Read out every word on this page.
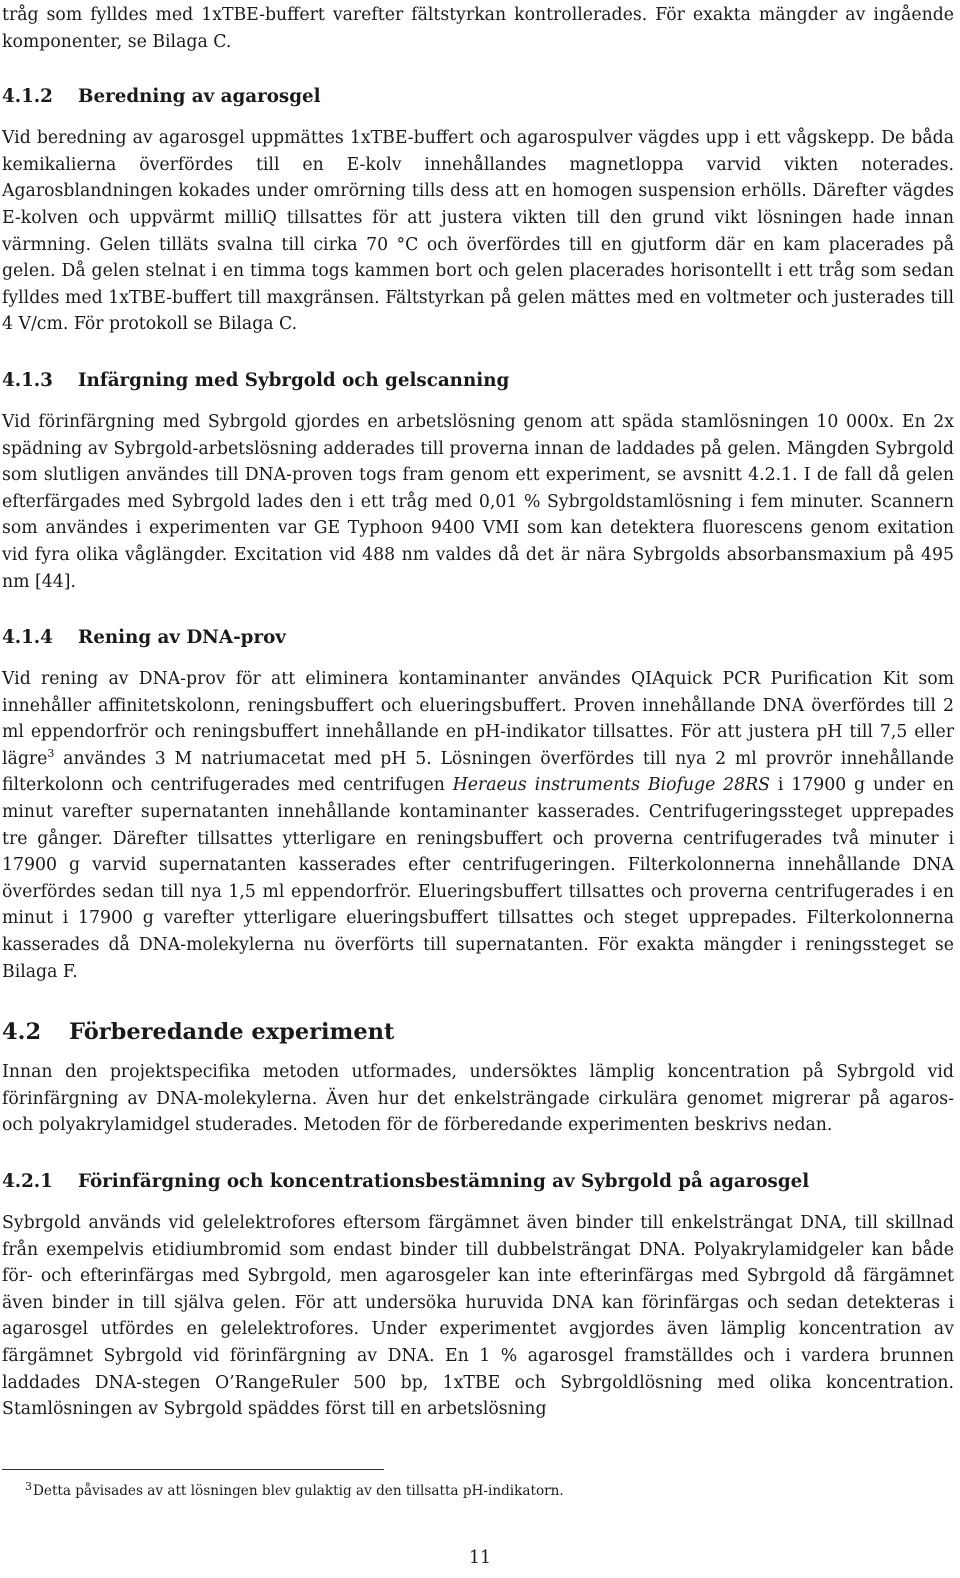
tråg som fylldes med 1xTBE-buffert varefter fältstyrkan kontrollerades. För exakta mängder av ingående komponenter, se Bilaga C.

4.1.2 Beredning av agarosgel

Vid beredning av agarosgel uppmättes 1xTBE-buffert och agarospulver vägdes upp i ett vågskepp. De båda kemikalierna överfördes till en E-kolv innehållandes magnetloppa varvid vikten noterades. Agarosblandningen kokades under omrörning tills dess att en homogen suspension erhölls. Därefter vägdes E-kolven och uppvärmt milliQ tillsattes för att justera vikten till den grund vikt lösningen hade innan värmning. Gelen tilläts svalna till cirka 70 °C och överfördes till en gjutform där en kam placerades på gelen. Då gelen stelnat i en timma togs kammen bort och gelen placerades horisontellt i ett tråg som sedan fylldes med 1xTBE-buffert till maxgränsen. Fältstyrkan på gelen mättes med en voltmeter och justerades till 4 V/cm. För protokoll se Bilaga C.

4.1.3 Infärgning med Sybrgold och gelscanning

Vid förinfärgning med Sybrgold gjordes en arbetslösning genom att späda stamlösningen 10 000x. En 2x spädning av Sybrgold-arbetslösning adderades till proverna innan de laddades på gelen. Mängden Sybrgold som slutligen användes till DNA-proven togs fram genom ett experiment, se avsnitt 4.2.1. I de fall då gelen efterfärgades med Sybrgold lades den i ett tråg med 0,01 % Sybrgoldstamlösning i fem minuter. Scannern som användes i experimenten var GE Typhoon 9400 VMI som kan detektera fluorescens genom exitation vid fyra olika våglängder. Excitation vid 488 nm valdes då det är nära Sybrgolds absorbansmaxium på 495 nm [44].

4.1.4 Rening av DNA-prov

Vid rening av DNA-prov för att eliminera kontaminanter användes QIAquick PCR Purification Kit som innehåller affinitetskolonn, reningsbuffert och elueringsbuffert. Proven innehållande DNA överfördes till 2 ml eppendorfrör och reningsbuffert innehållande en pH-indikator tillsattes. För att justera pH till 7,5 eller lägre$^3$ användes 3 M natriumacetat med pH 5. Lösningen överfördes till nya 2 ml provrör innehållande filterkolonn och centrifugerades med centrifugen Heraeus instruments Biofuge 28RS i 17900 g under en minut varefter supernatanten innehållande kontaminanter kasserades. Centrifugeringssteget upprepades tre gånger. Därefter tillsattes ytterligare en reningsbuffert och proverna centrifugerades två minuter i 17900 g varvid supernatanten kasserades efter centrifugeringen. Filterkolonnerna innehållande DNA överfördes sedan till nya 1,5 ml eppendorfrör. Elueringsbuffert tillsattes och proverna centrifugerades i en minut i 17900 g varefter ytterligare elueringsbuffert tillsattes och steget upprepades. Filterkolonnerna kasserades då DNA-molekylerna nu överförts till supernatanten. För exakta mängder i reningssteget se Bilaga F.

4.2 Förberedande experiment

Innan den projektspecifika metoden utformades, undersöktes lämplig koncentration på Sybrgold vid förinfärgning av DNA-molekylerna. Även hur det enkelsträngade cirkulära genomet migrerar på agaros- och polyakrylamidgel studerades. Metoden för de förberedande experimenten beskrivs nedan.

4.2.1 Förinfärgning och koncentrationsbestämning av Sybrgold på agarosgel

Sybrgold används vid gelelektrofores eftersom färgämnet även binder till enkelsträngat DNA, till skillnad från exempelvis etidiumbromid som endast binder till dubbelsträngat DNA. Polyakrylamidgeler kan både för- och efterinfärgas med Sybrgold, men agarosgeler kan inte efterinfärgas med Sybrgold då färgämnet även binder in till själva gelen. För att undersöka huruvida DNA kan förinfärgas och sedan detekteras i agarosgel utfördes en gelelektrofores. Under experimentet avgjordes även lämplig koncentration av färgämnet Sybrgold vid förinfärgning av DNA. En 1 % agarosgel framställdes och i vardera brunnen laddades DNA-stegen O’RangeRuler 500 bp, 1xTBE och Sybrgoldlösning med olika koncentration. Stamlösningen av Sybrgold späddes först till en arbetslösning

$^3$Detta påvisades av att lösningen blev gulaktig av den tillsatta pH-indikatorn.
11
